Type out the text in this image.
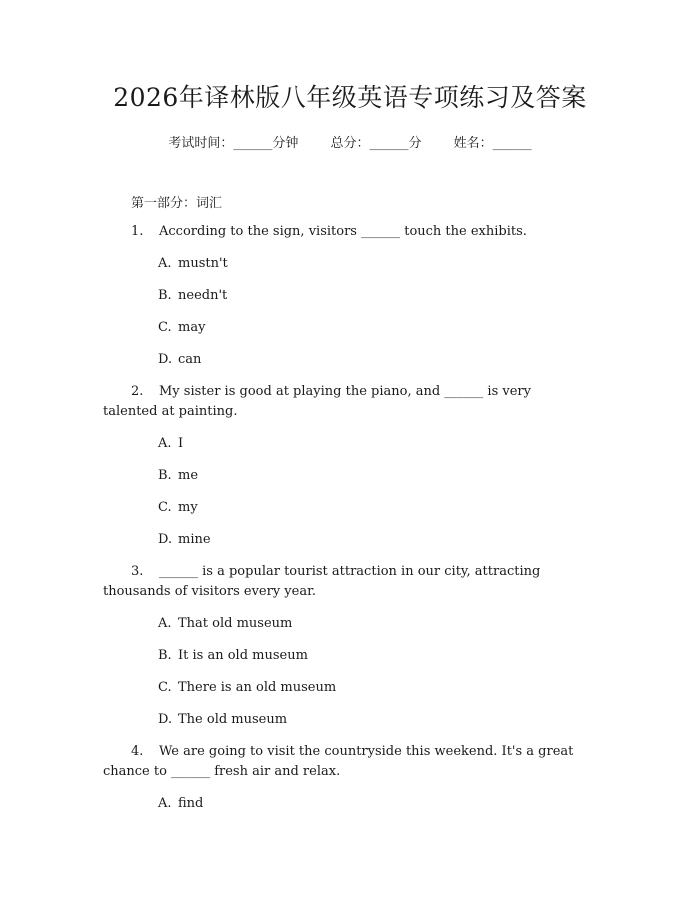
2026年译林版八年级英语专项练习及答案
考试时间：______分钟 总分：______分 姓名：______
第一部分：词汇
1. According to the sign, visitors ______ touch the exhibits.
A. mustn't
B. needn't
C. may
D. can
2. My sister is good at playing the piano, and ______ is very
talented at painting.
A. I
B. me
C. my
D. mine
3. ______ is a popular tourist attraction in our city, attracting
thousands of visitors every year.
A. That old museum
B. It is an old museum
C. There is an old museum
D. The old museum
4. We are going to visit the countryside this weekend. It's a great
chance to ______ fresh air and relax.
A. find
